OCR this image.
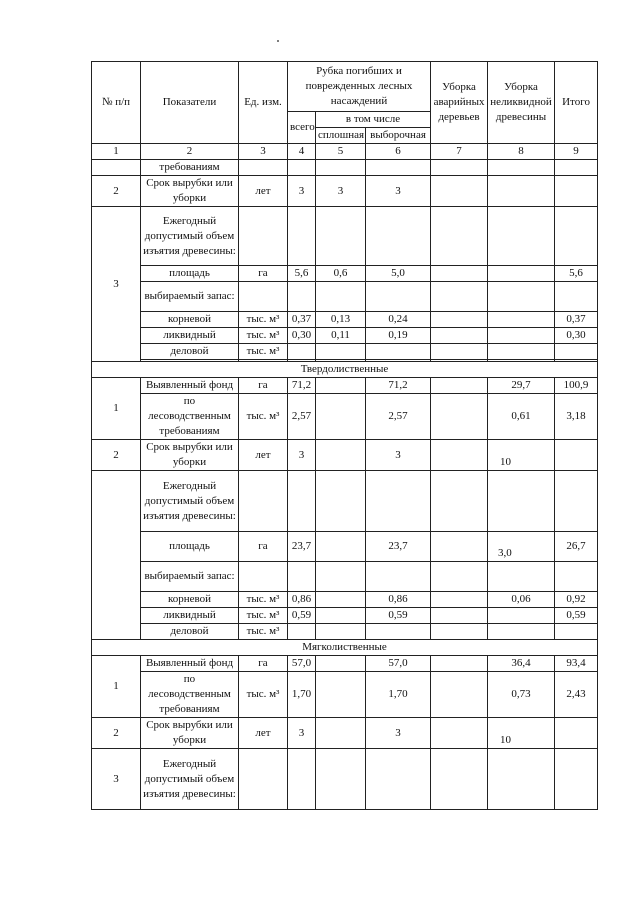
№ п/п	Показатели	Ед. изм.	Рубка погибших и поврежденных лесных насаждений			Уборка аварийных деревьев	Уборка неликвидной древесины	Итого
			всего	в том числе				
				сплошная	выборочная			
1	2	3	4	5	6	7	8	9
	требованиям							
2	Срок вырубки или уборки	лет	3	3	3			
3	Ежегодный допустимый объем изъятия древесины:							
	площадь	га	5,6	0,6	5,0			5,6
	выбираемый запас:							
	корневой	тыс. м³	0,37	0,13	0,24			0,37
	ликвидный	тыс. м³	0,30	0,11	0,19			0,30
	деловой	тыс. м³						

Твердолиственные								
1	Выявленный фонд	га	71,2		71,2		29,7	100,9
	по лесоводственным требованиям	тыс. м³	2,57		2,57		0,61	3,18
2	Срок вырубки или уборки	лет	3		3		10	
	Ежегодный допустимый объем изъятия древесины:							
	площадь	га	23,7		23,7		3,0	26,7
	выбираемый запас:							
	корневой	тыс. м³	0,86		0,86		0,06	0,92
	ликвидный	тыс. м³	0,59		0,59			0,59
	деловой	тыс. м³						
Мягколиственные								
1	Выявленный фонд	га	57,0		57,0		36,4	93,4
	по лесоводственным требованиям	тыс. м³	1,70		1,70		0,73	2,43
2	Срок вырубки или уборки	лет	3		3		10	
3	Ежегодный допустимый объем изъятия древесины:							
